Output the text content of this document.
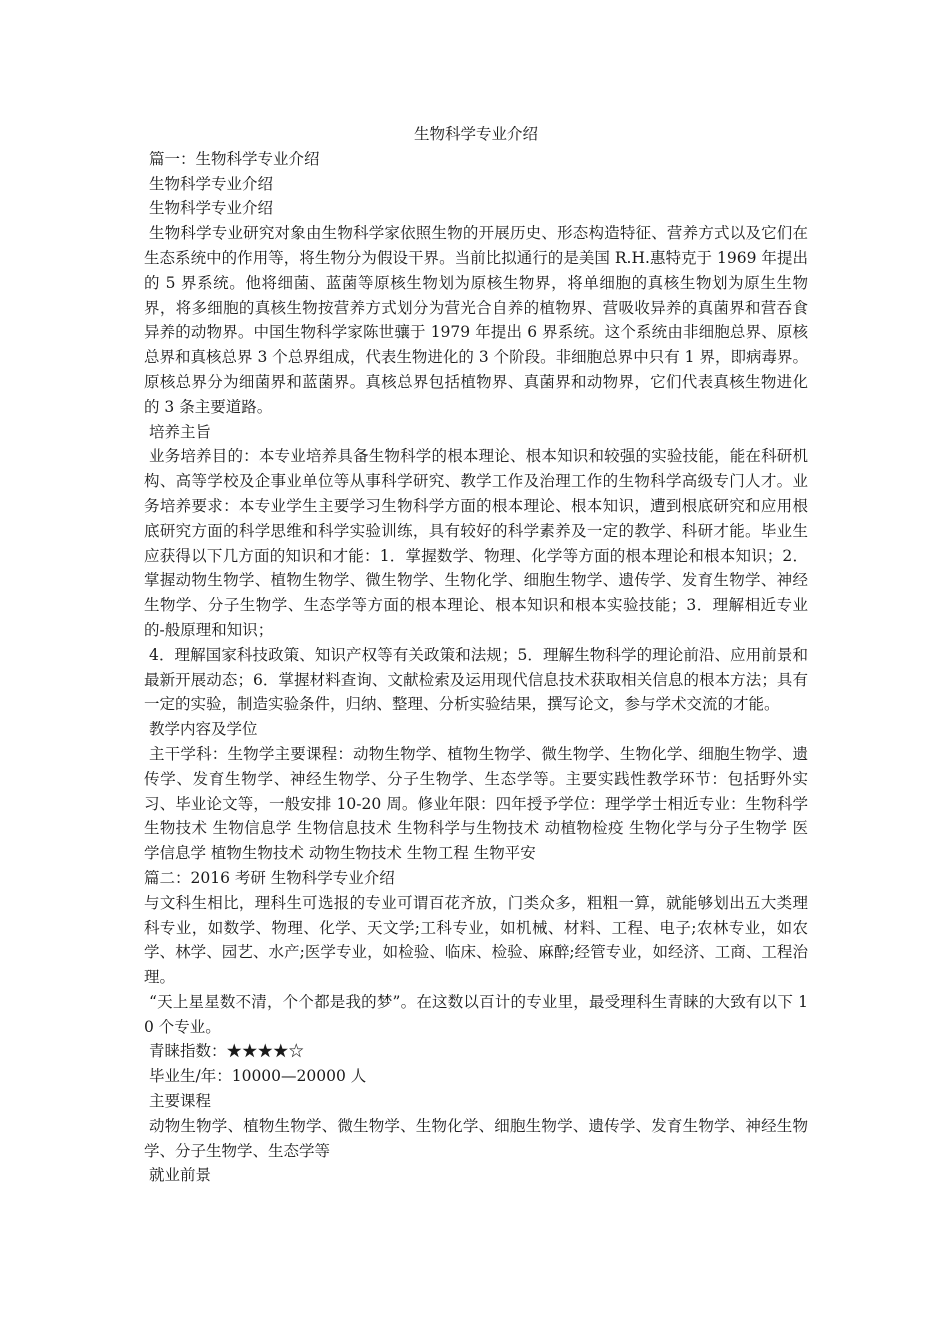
生物科学专业介绍

篇一：生物科学专业介绍

生物科学专业介绍

生物科学专业介绍

生物科学专业研究对象由生物科学家依照生物的开展历史、形态构造特征、营养方式以及它们在生态系统中的作用等，将生物分为假设干界。当前比拟通行的是美国 R.H.惠特克于 1969 年提出的 5 界系统。他将细菌、蓝菌等原核生物划为原核生物界，将单细胞的真核生物划为原生生物界，将多细胞的真核生物按营养方式划分为营光合自养的植物界、营吸收异养的真菌界和营吞食异养的动物界。中国生物科学家陈世骧于 1979 年提出 6 界系统。这个系统由非细胞总界、原核总界和真核总界 3 个总界组成，代表生物进化的 3 个阶段。非细胞总界中只有 1 界，即病毒界。原核总界分为细菌界和蓝菌界。真核总界包括植物界、真菌界和动物界，它们代表真核生物进化的 3 条主要道路。

培养主旨

业务培养目的：本专业培养具备生物科学的根本理论、根本知识和较强的实验技能，能在科研机构、高等学校及企事业单位等从事科学研究、教学工作及治理工作的生物科学高级专门人才。业务培养要求：本专业学生主要学习生物科学方面的根本理论、根本知识，遭到根底研究和应用根底研究方面的科学思维和科学实验训练，具有较好的科学素养及一定的教学、科研才能。毕业生应获得以下几方面的知识和才能：1．掌握数学、物理、化学等方面的根本理论和根本知识；2．掌握动物生物学、植物生物学、微生物学、生物化学、细胞生物学、遗传学、发育生物学、神经生物学、分子生物学、生态学等方面的根本理论、根本知识和根本实验技能；3．理解相近专业的-般原理和知识；

4．理解国家科技政策、知识产权等有关政策和法规；5．理解生物科学的理论前沿、应用前景和最新开展动态；6．掌握材料查询、文献检索及运用现代信息技术获取相关信息的根本方法；具有一定的实验，制造实验条件，归纳、整理、分析实验结果，撰写论文，参与学术交流的才能。

教学内容及学位

主干学科：生物学主要课程：动物生物学、植物生物学、微生物学、生物化学、细胞生物学、遗传学、发育生物学、神经生物学、分子生物学、生态学等。主要实践性教学环节：包括野外实习、毕业论文等，一般安排 10-20 周。修业年限：四年授予学位：理学学士相近专业：生物科学 生物技术 生物信息学 生物信息技术 生物科学与生物技术 动植物检疫 生物化学与分子生物学 医学信息学 植物生物技术 动物生物技术 生物工程 生物平安

篇二：2016 考研 生物科学专业介绍

与文科生相比，理科生可选报的专业可谓百花齐放，门类众多，粗粗一算，就能够划出五大类理科专业，如数学、物理、化学、天文学;工科专业，如机械、材料、工程、电子;农林专业，如农学、林学、园艺、水产;医学专业，如检验、临床、检验、麻醉;经管专业，如经济、工商、工程治理。

“天上星星数不清，个个都是我的梦”。在这数以百计的专业里，最受理科生青睐的大致有以下 10 个专业。

青睐指数：★★★★☆

毕业生/年：10000—20000 人

主要课程

动物生物学、植物生物学、微生物学、生物化学、细胞生物学、遗传学、发育生物学、神经生物学、分子生物学、生态学等

就业前景
